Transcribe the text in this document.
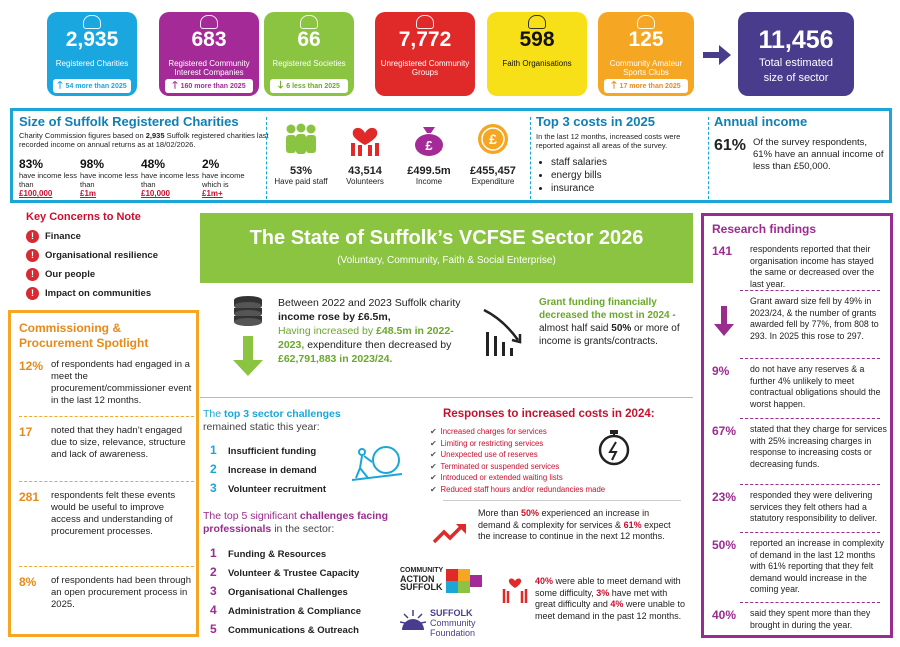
2,935
Registered Charities
🡑 54 more than 2025
683
Registered Community Interest Companies
🡑 160 more than 2025
66
Registered Societies
🡓 6 less than 2025
7,772
Unregistered Community Groups
598
Faith Organisations
125
Community Amateur Sports Clubs
🡑 17 more than 2025
11,456
Total estimated
size of sector
Size of Suffolk Registered Charities
Charity Commission figures based on 2,935 Suffolk registered charities last recorded income on annual returns as at 18/02/2026.
83%
have income less than
£100,000
98%
have income less than
£1m
48%
have income less than
£10,000
2%
have income which is
£1m+
53%
Have paid staff
43,514
Volunteers
£
£499.5m
Income
£
£455,457
Expenditure
Top 3 costs in 2025
In the last 12 months, increased costs were reported against all areas of the survey.
• staff salaries
• energy bills
• insurance
Annual income
61% Of the survey respondents, 61% have an annual income of less than £50,000.
Key Concerns to Note
! Finance
! Organisational resilience
! Our people
! Impact on communities
Commissioning & Procurement Spotlight
12% of respondents had engaged in a meet the procurement/commissioner event in the last 12 months.
17 noted that they hadn’t engaged due to size, relevance, structure and lack of awareness.
281 respondents felt these events would be useful to improve access and understanding of procurement processes.
8% of respondents had been through an open procurement process in 2025.
The State of Suffolk’s VCFSE Sector 2026
(Voluntary, Community, Faith & Social Enterprise)
Between 2022 and 2023 Suffolk charity income rose by £6.5m,
Having increased by £48.5m in 2022-2023, expenditure then decreased by £62,791,883 in 2023/24.
Grant funding financially decreased the most in 2024 - almost half said 50% or more of income is grants/contracts.
The top 3 sector challenges remained static this year:
1 Insufficient funding
2 Increase in demand
3 Volunteer recruitment
The top 5 significant challenges facing professionals in the sector:
1 Funding & Resources
2 Volunteer & Trustee Capacity
3 Organisational Challenges
4 Administration & Compliance
5 Communications & Outreach
Responses to increased costs in 2024:
✔ Increased charges for services
✔ Limiting or restricting services
✔ Unexpected use of reserves
✔ Terminated or suspended services
✔ Introduced or extended waiting lists
✔ Reduced staff hours and/or redundancies made
More than 50% experienced an increase in demand & complexity for services & 61% expect the increase to continue in the next 12 months.
40% were able to meet demand with some difficulty, 3% have met with great difficulty and 4% were unable to meet demand in the past 12 months.
COMMUNITY
ACTION
SUFFOLK
SUFFOLK
Community
Foundation
Research findings
141 respondents reported that their organisation income has stayed the same or decreased over the last year.
Grant award size fell by 49% in 2023/24, & the number of grants awarded fell by 77%, from 808 to 293. In 2025 this rose to 297.
9% do not have any reserves & a further 4% unlikely to meet contractual obligations should the worst happen.
67% stated that they charge for services with 25% increasing charges in response to increasing costs or decreasing funds.
23% responded they were delivering services they felt others had a statutory responsibility to deliver.
50% reported an increase in complexity of demand in the last 12 months with 61% reporting that they felt demand would increase in the coming year.
40% said they spent more than they brought in during the year.
